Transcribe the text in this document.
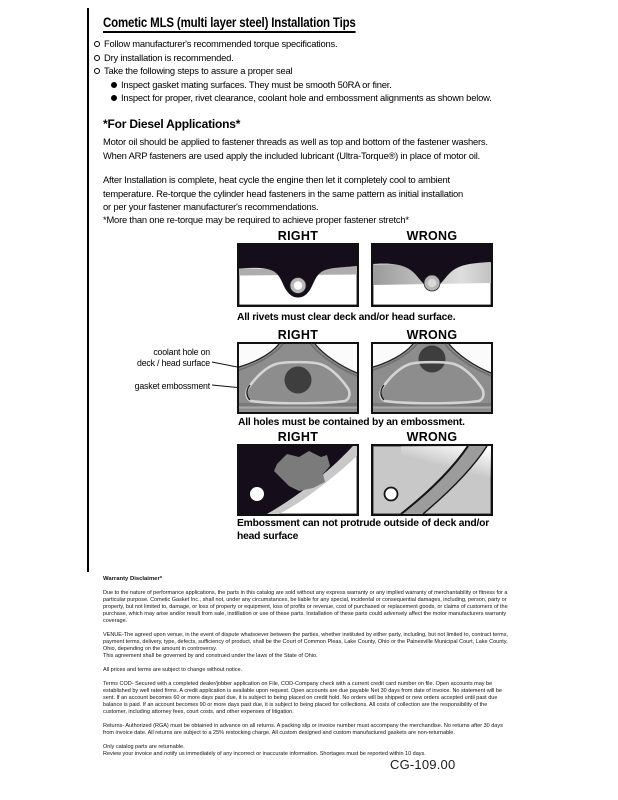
Cometic MLS (multi layer steel) Installation Tips
Follow manufacturer's recommended torque specifications.
Dry installation is recommended.
Take the following steps to assure a proper seal
Inspect gasket mating surfaces. They must be smooth 50RA or finer.
Inspect for proper, rivet clearance, coolant hole and embossment alignments as shown below.
*For Diesel Applications*
Motor oil should be applied to fastener threads as well as top and bottom of the fastener washers.
When ARP fasteners are used apply the included lubricant (Ultra-Torque®) in place of motor oil.
After Installation is complete, heat cycle the engine then let it completely cool to ambient
temperature. Re-torque the cylinder head fasteners in the same pattern as initial installation
or per your fastener manufacturer's recommendations.
*More than one re-torque may be required to achieve proper fastener stretch*
RIGHT	WRONG
All rivets must clear deck and/or head surface.
RIGHT	WRONG
coolant hole on
deck / head surface
gasket embossment
All holes must be contained by an embossment.
RIGHT	WRONG
Embossment can not protrude outside of deck and/or head surface
Warranty Disclaimer*

Due to the nature of performance applications, the parts in this catalog are sold without any express warranty or any implied warranty of merchantability or fitness for a particular purpose. Cometic Gasket Inc., shall not, under any circumstances, be liable for any special, incidental or consequential damages, including, person, party or property, but not limited to, damage, or loss of property or equipment, loss of profits or revenue, cost of purchased or replacement goods, or claims of customers of the purchase, which may arise and/or result from sale, instillation or use of these parts. Installation of these parts could adversely affect the motor manufacturers warranty coverage.

VENUE-The agreed upon venue, in the event of dispute whatsoever between the parties, whether instituted by either party, including, but not limited to, contract terms, payment terms, delivery, type, defects, sufficiency of product, shall be the Court of Common Pleas, Lake County, Ohio or the Painesville Municipal Court, Lake County, Ohio, depending on the amount in controversy.

This agreement shall be governed by and construed under the laws of the State of Ohio.

All prices and terms are subject to change without notice.

Terms COD- Secured with a completed dealer/jobber application on File, COD-Company check with a current credit card number on file. Open accounts may be established by well rated firms. A credit application is available upon request. Open accounts are due payable Net 30 days from date of invoice. No statement will be sent. If an account becomes 60 or more days past due, it is subject to being placed on credit hold. No orders will be shipped or new orders accepted until past due balance is paid. If an account becomes 90 or more days past due, it is subject to being placed for collections. All costs of collection are the responsibility of the customer, including attorney fees, court costs, and other expenses of litigation.

Returns- Authorized (RGA) must be obtained in advance on all returns. A packing slip or invoice number must accompany the merchandise. No returns after 30 days from invoice date. All returns are subject to a 25% restocking charge. All custom designed and custom manufactured gaskets are non-returnable.

Only catalog parts are returnable.

Review your invoice and notify us immediately of any incorrect or inaccurate information. Shortages must be reported within 10 days.

CG-109.00
